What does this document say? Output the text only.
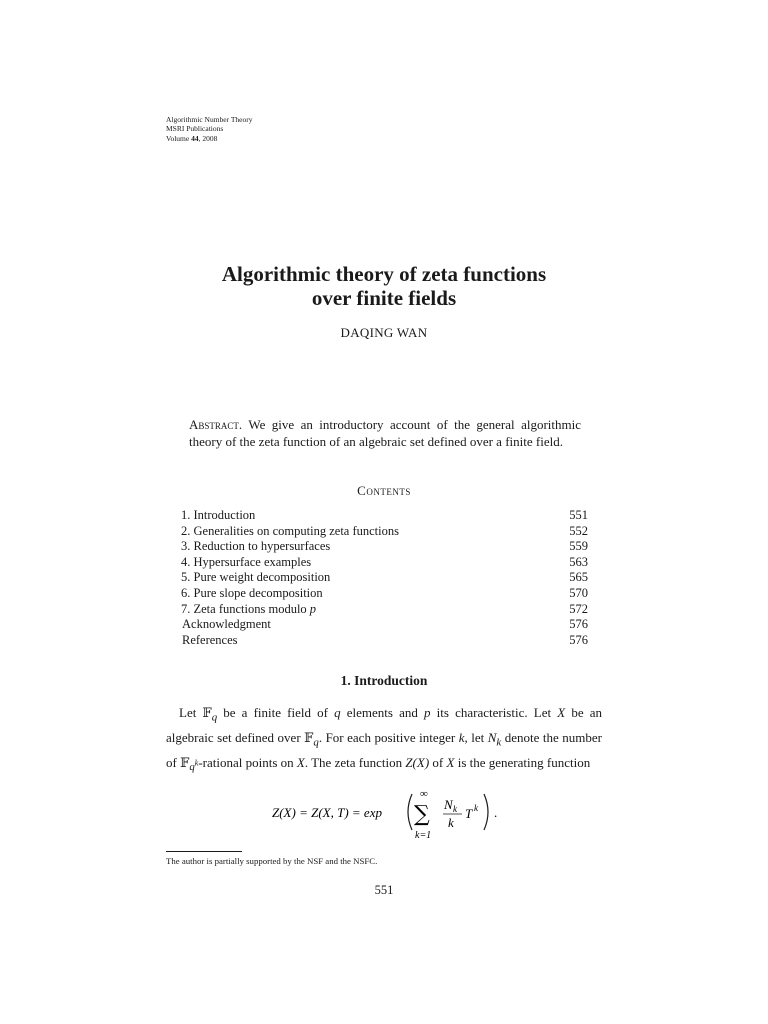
Algorithmic Number Theory
MSRI Publications
Volume 44, 2008
Algorithmic theory of zeta functions
over finite fields
DAQING WAN
Abstract. We give an introductory account of the general algorithmic theory of the zeta function of an algebraic set defined over a finite field.
Contents
1. Introduction	551
2. Generalities on computing zeta functions	552
3. Reduction to hypersurfaces	559
4. Hypersurface examples	563
5. Pure weight decomposition	565
6. Pure slope decomposition	570
7. Zeta functions modulo p	572
Acknowledgment	576
References	576
1. Introduction
Let 𝔽$_q$ be a finite field of q elements and p its characteristic. Let X be an algebraic set defined over 𝔽$_q$. For each positive integer k, let $N_k$ denote the number of 𝔽$_{q^k}$-rational points on X. The zeta function Z(X) of X is the generating function
Z(X) = Z(X, T) = exp
∞
∑
k=1
N k
k
T k .
The author is partially supported by the NSF and the NSFC.
551
